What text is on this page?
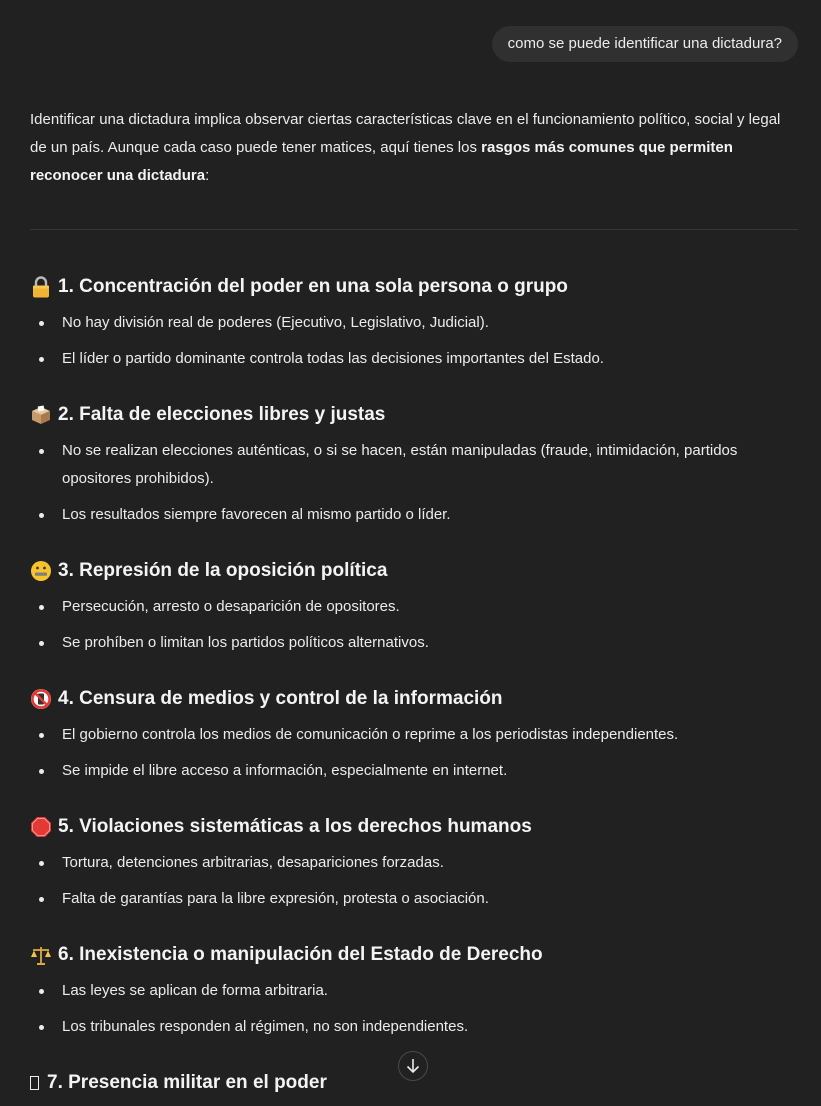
como se puede identificar una dictadura?
Identificar una dictadura implica observar ciertas características clave en el funcionamiento político, social y legal de un país. Aunque cada caso puede tener matices, aquí tienes los rasgos más comunes que permiten reconocer una dictadura:
1. Concentración del poder en una sola persona o grupo
No hay división real de poderes (Ejecutivo, Legislativo, Judicial).
El líder o partido dominante controla todas las decisiones importantes del Estado.
2. Falta de elecciones libres y justas
No se realizan elecciones auténticas, o si se hacen, están manipuladas (fraude, intimidación, partidos opositores prohibidos).
Los resultados siempre favorecen al mismo partido o líder.
3. Represión de la oposición política
Persecución, arresto o desaparición de opositores.
Se prohíben o limitan los partidos políticos alternativos.
4. Censura de medios y control de la información
El gobierno controla los medios de comunicación o reprime a los periodistas independientes.
Se impide el libre acceso a información, especialmente en internet.
5. Violaciones sistemáticas a los derechos humanos
Tortura, detenciones arbitrarias, desapariciones forzadas.
Falta de garantías para la libre expresión, protesta o asociación.
6. Inexistencia o manipulación del Estado de Derecho
Las leyes se aplican de forma arbitraria.
Los tribunales responden al régimen, no son independientes.
7. Presencia militar en el poder
